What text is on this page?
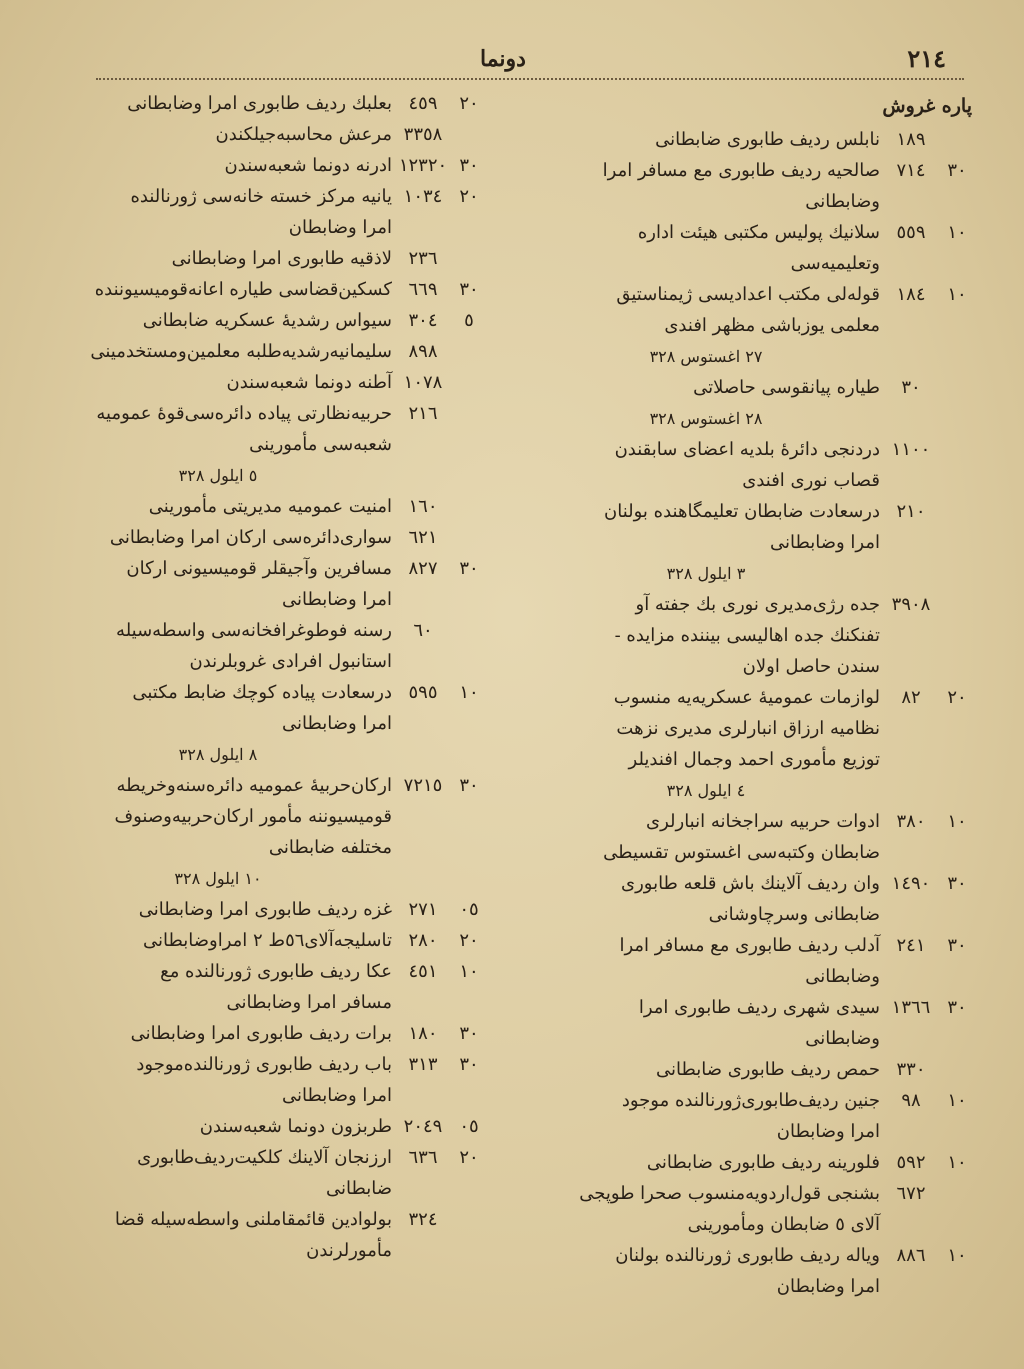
٢١٤
دونما
پاره غروش
١٨٩
نابلس رديف طابورى ضابطانى
٣٠
٧١٤
صالحيه رديف طابورى مع مسافر امرا
وضابطانى
١٠
٥٥٩
سلانيك پوليس مكتبى هيئت اداره
وتعليميه‌سى
١٠
١٨٤
قوله‌لى مكتب اعداديسى ژيمناستيق
معلمى يوزباشى مظهر افندى
٢٧ اغستوس ٣٢٨
٣٠
طياره پيانقوسى حاصلاتى
٢٨ اغستوس ٣٢٨
١١٠٠
دردنجى دائرهٔ بلديه اعضاى سابقندن
قصاب نورى افندى
٢١٠
درسعادت ضابطان تعليمگاهنده بولنان
امرا وضابطانى
٣ ايلول ٣٢٨
٣٩٠٨
جده رژى‌مديرى نورى بك جفته آو
تفنكنك جده اهاليسى بيننده مزايده -
سندن حاصل اولان
٢٠
٨٢
لوازمات عموميهٔ عسكريه‌يه منسوب
نظاميه ارزاق انبارلرى مديرى نزهت
توزيع مأمورى احمد وجمال افنديلر
٤ ايلول ٣٢٨
١٠
٣٨٠
ادوات حربيه سراجخانه انبارلرى
ضابطان وكتبه‌سى اغستوس تقسيطى
٣٠
١٤٩٠
وان رديف آلاينك باش قلعه طابورى
ضابطانى وسرچاوشانى
٣٠
٢٤١
آدلب رديف طابورى مع مسافر امرا
وضابطانى
٣٠
١٣٦٦
سيدى شهرى رديف طابورى امرا
وضابطانى
٣٣٠
حمص رديف طابورى ضابطانى
١٠
٩٨
جنين رديف‌طابورى‌ژورنالنده موجود
امرا وضابطان
١٠
٥٩٢
فلورينه رديف طابورى ضابطانى
٦٧٢
بشنجى قول‌اردويه‌منسوب صحرا طوپجى
آلاى ٥ ضابطان ومأمورينى
١٠
٨٨٦
وياله رديف طابورى ژورنالنده بولنان
امرا وضابطان
٢٠
٤٥٩
بعلبك رديف طابورى امرا وضابطانى
٣٣٥٨
مرعش محاسبه‌جيلكندن
٣٠
١٢٣٢٠
ادرنه دونما شعبه‌سندن
٢٠
١٠٣٤
يانيه مركز خسته خانه‌سى ژورنالنده
امرا وضابطان
٢٣٦
لاذقيه طابورى امرا وضابطانى
٣٠
٦٦٩
كسكين‌قضاسى طياره اعانه‌قوميسيوننده
٥
٣٠٤
سيواس رشديهٔ عسكريه ضابطانى
٨٩٨
سليمانيه‌رشديه‌طلبه معلمين‌ومستخدمينى
١٠٧٨
آطنه دونما شعبه‌سندن
٢١٦
حربيه‌نظارتى پياده دائره‌سى‌قوهٔ عموميه
شعبه‌سى مأمورينى
٥ ايلول ٣٢٨
١٦٠
امنيت عموميه مديريتى مأمورينى
٦٢١
سوارى‌دائره‌سى اركان امرا وضابطانى
٣٠
٨٢٧
مسافرين وآجيقلر قوميسيونى اركان
امرا وضابطانى
٦٠
رسنه فوطوغرافخانه‌سى واسطه‌سيله
استانبول افرادى غروبلرندن
١٠
٥٩٥
درسعادت پياده كوچك ضابط مكتبى
امرا وضابطانى
٨ ايلول ٣٢٨
٣٠
٧٢١٥
اركان‌حربيهٔ عموميه دائره‌سنه‌وخريطه
قوميسيوننه مأمور اركان‌حربيه‌وصنوف
مختلفه ضابطانى
١٠ ايلول ٣٢٨
٠٥
٢٧١
غزه رديف طابورى امرا وضابطانى
٢٠
٢٨٠
تاسليجه‌آلاى٥٦ط ٢ امراوضابطانى
١٠
٤٥١
عكا رديف طابورى ژورنالنده مع
مسافر امرا وضابطانى
٣٠
١٨٠
برات رديف طابورى امرا وضابطانى
٣٠
٣١٣
باب رديف طابورى ژورنالنده‌موجود
امرا وضابطانى
٠٥
٢٠٤٩
طربزون دونما شعبه‌سندن
٢٠
٦٣٦
ارزنجان آلاينك كلكيت‌رديف‌طابورى
ضابطانى
٣٢٤
بولوادين قائمقاملنى واسطه‌سيله قضا
مأمورلرندن
